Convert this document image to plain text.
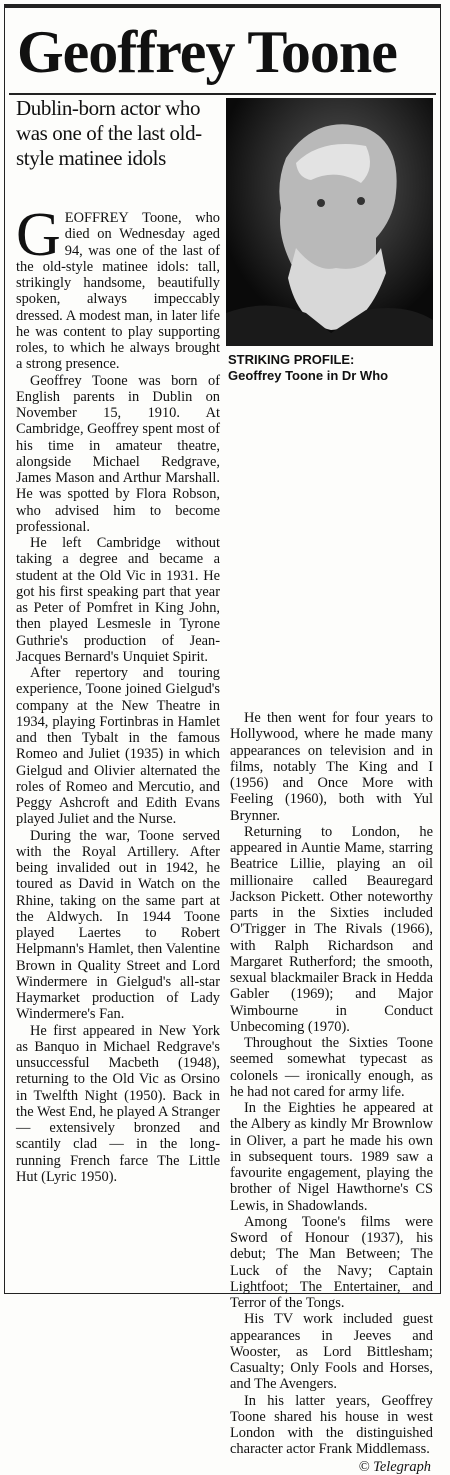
Geoffrey Toone
Dublin-born actor who was one of the last old-style matinee idols
STRIKING PROFILE:
Geoffrey Toone in Dr Who

GEOFFREY Toone, who died on Wednesday aged 94, was one of the last of the old-style matinee idols: tall, strikingly handsome, beautifully spoken, always impeccably dressed. A modest man, in later life he was content to play supporting roles, to which he always brought a strong presence.

Geoffrey Toone was born of English parents in Dublin on November 15, 1910. At Cambridge, Geoffrey spent most of his time in amateur theatre, alongside Michael Redgrave, James Mason and Arthur Marshall. He was spotted by Flora Robson, who advised him to become professional.

He left Cambridge without taking a degree and became a student at the Old Vic in 1931. He got his first speaking part that year as Peter of Pomfret in King John, then played Lesmesle in Tyrone Guthrie's production of Jean-Jacques Bernard's Unquiet Spirit.

After repertory and touring experience, Toone joined Gielgud's company at the New Theatre in 1934, playing Fortinbras in Hamlet and then Tybalt in the famous Romeo and Juliet (1935) in which Gielgud and Olivier alternated the roles of Romeo and Mercutio, and Peggy Ashcroft and Edith Evans played Juliet and the Nurse.

During the war, Toone served with the Royal Artillery. After being invalided out in 1942, he toured as David in Watch on the Rhine, taking on the same part at the Aldwych. In 1944 Toone played Laertes to Robert Helpmann's Hamlet, then Valentine Brown in Quality Street and Lord Windermere in Gielgud's all-star Haymarket production of Lady Windermere's Fan.

He first appeared in New York as Banquo in Michael Redgrave's unsuccessful Macbeth (1948), returning to the Old Vic as Orsino in Twelfth Night (1950). Back in the West End, he played A Stranger — extensively bronzed and scantily clad — in the long-running French farce The Little Hut (Lyric 1950).

He then went for four years to Hollywood, where he made many appearances on television and in films, notably The King and I (1956) and Once More with Feeling (1960), both with Yul Brynner.

Returning to London, he appeared in Auntie Mame, starring Beatrice Lillie, playing an oil millionaire called Beauregard Jackson Pickett. Other noteworthy parts in the Sixties included O'Trigger in The Rivals (1966), with Ralph Richardson and Margaret Rutherford; the smooth, sexual blackmailer Brack in Hedda Gabler (1969); and Major Wimbourne in Conduct Unbecoming (1970).

Throughout the Sixties Toone seemed somewhat typecast as colonels — ironically enough, as he had not cared for army life.

In the Eighties he appeared at the Albery as kindly Mr Brownlow in Oliver, a part he made his own in subsequent tours. 1989 saw a favourite engagement, playing the brother of Nigel Hawthorne's CS Lewis, in Shadowlands.

Among Toone's films were Sword of Honour (1937), his debut; The Man Between; The Luck of the Navy; Captain Lightfoot; The Entertainer, and Terror of the Tongs.

His TV work included guest appearances in Jeeves and Wooster, as Lord Bittlesham; Casualty; Only Fools and Horses, and The Avengers.

In his latter years, Geoffrey Toone shared his house in west London with the distinguished character actor Frank Middlemass.

© Telegraph
